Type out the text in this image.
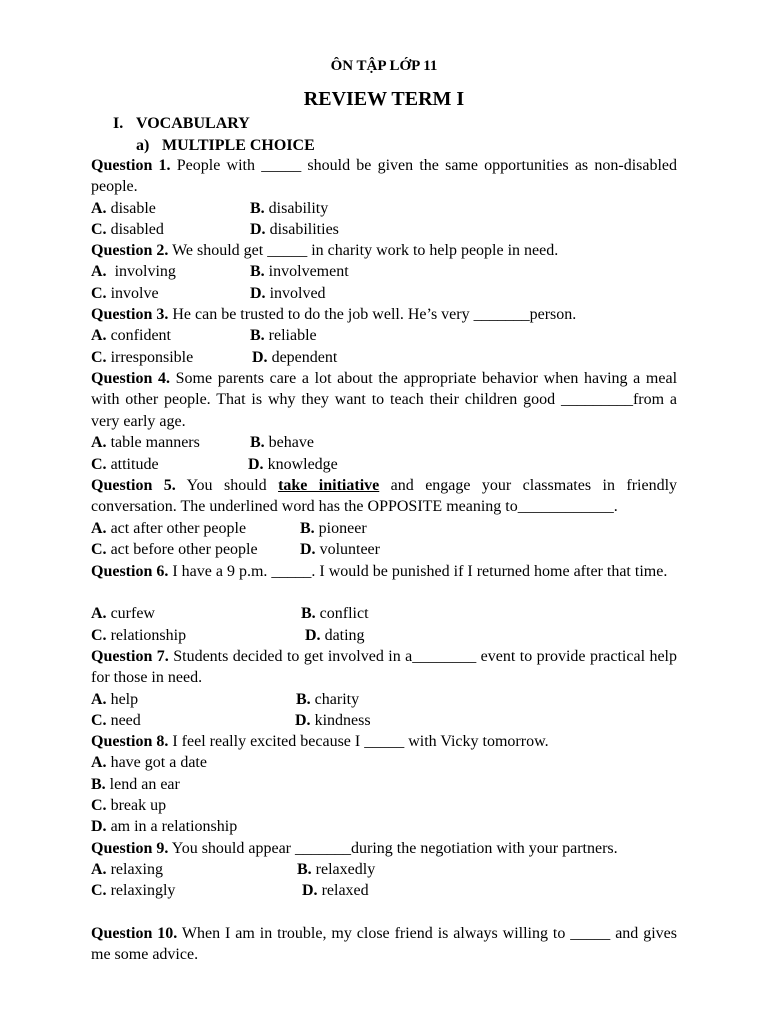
ÔN TẬP LỚP 11
REVIEW TERM I
I. VOCABULARY
a) MULTIPLE CHOICE
Question 1. People with _____ should be given the same opportunities as non-disabled people.
A. disable	B. disability
C. disabled	D. disabilities
Question 2. We should get _____ in charity work to help people in need.
A. involving	B. involvement
C. involve	D. involved
Question 3. He can be trusted to do the job well. He’s very _______person.
A. confident	B. reliable
C. irresponsible	D. dependent
Question 4. Some parents care a lot about the appropriate behavior when having a meal with other people. That is why they want to teach their children good _________from a very early age.
A. table manners	B. behave
C. attitude	D. knowledge
Question 5. You should take initiative and engage your classmates in friendly conversation. The underlined word has the OPPOSITE meaning to____________.
A. act after other people	B. pioneer
C. act before other people	D. volunteer
Question 6. I have a 9 p.m. _____. I would be punished if I returned home after that time.
A. curfew	B. conflict
C. relationship	D. dating
Question 7. Students decided to get involved in a________ event to provide practical help for those in need.
A. help	B. charity
C. need	D. kindness
Question 8. I feel really excited because I _____ with Vicky tomorrow.
A. have got a date
B. lend an ear
C. break up
D. am in a relationship
Question 9. You should appear _______during the negotiation with your partners.
A. relaxing	B. relaxedly
C. relaxingly	D. relaxed
Question 10. When I am in trouble, my close friend is always willing to _____ and gives me some advice.
